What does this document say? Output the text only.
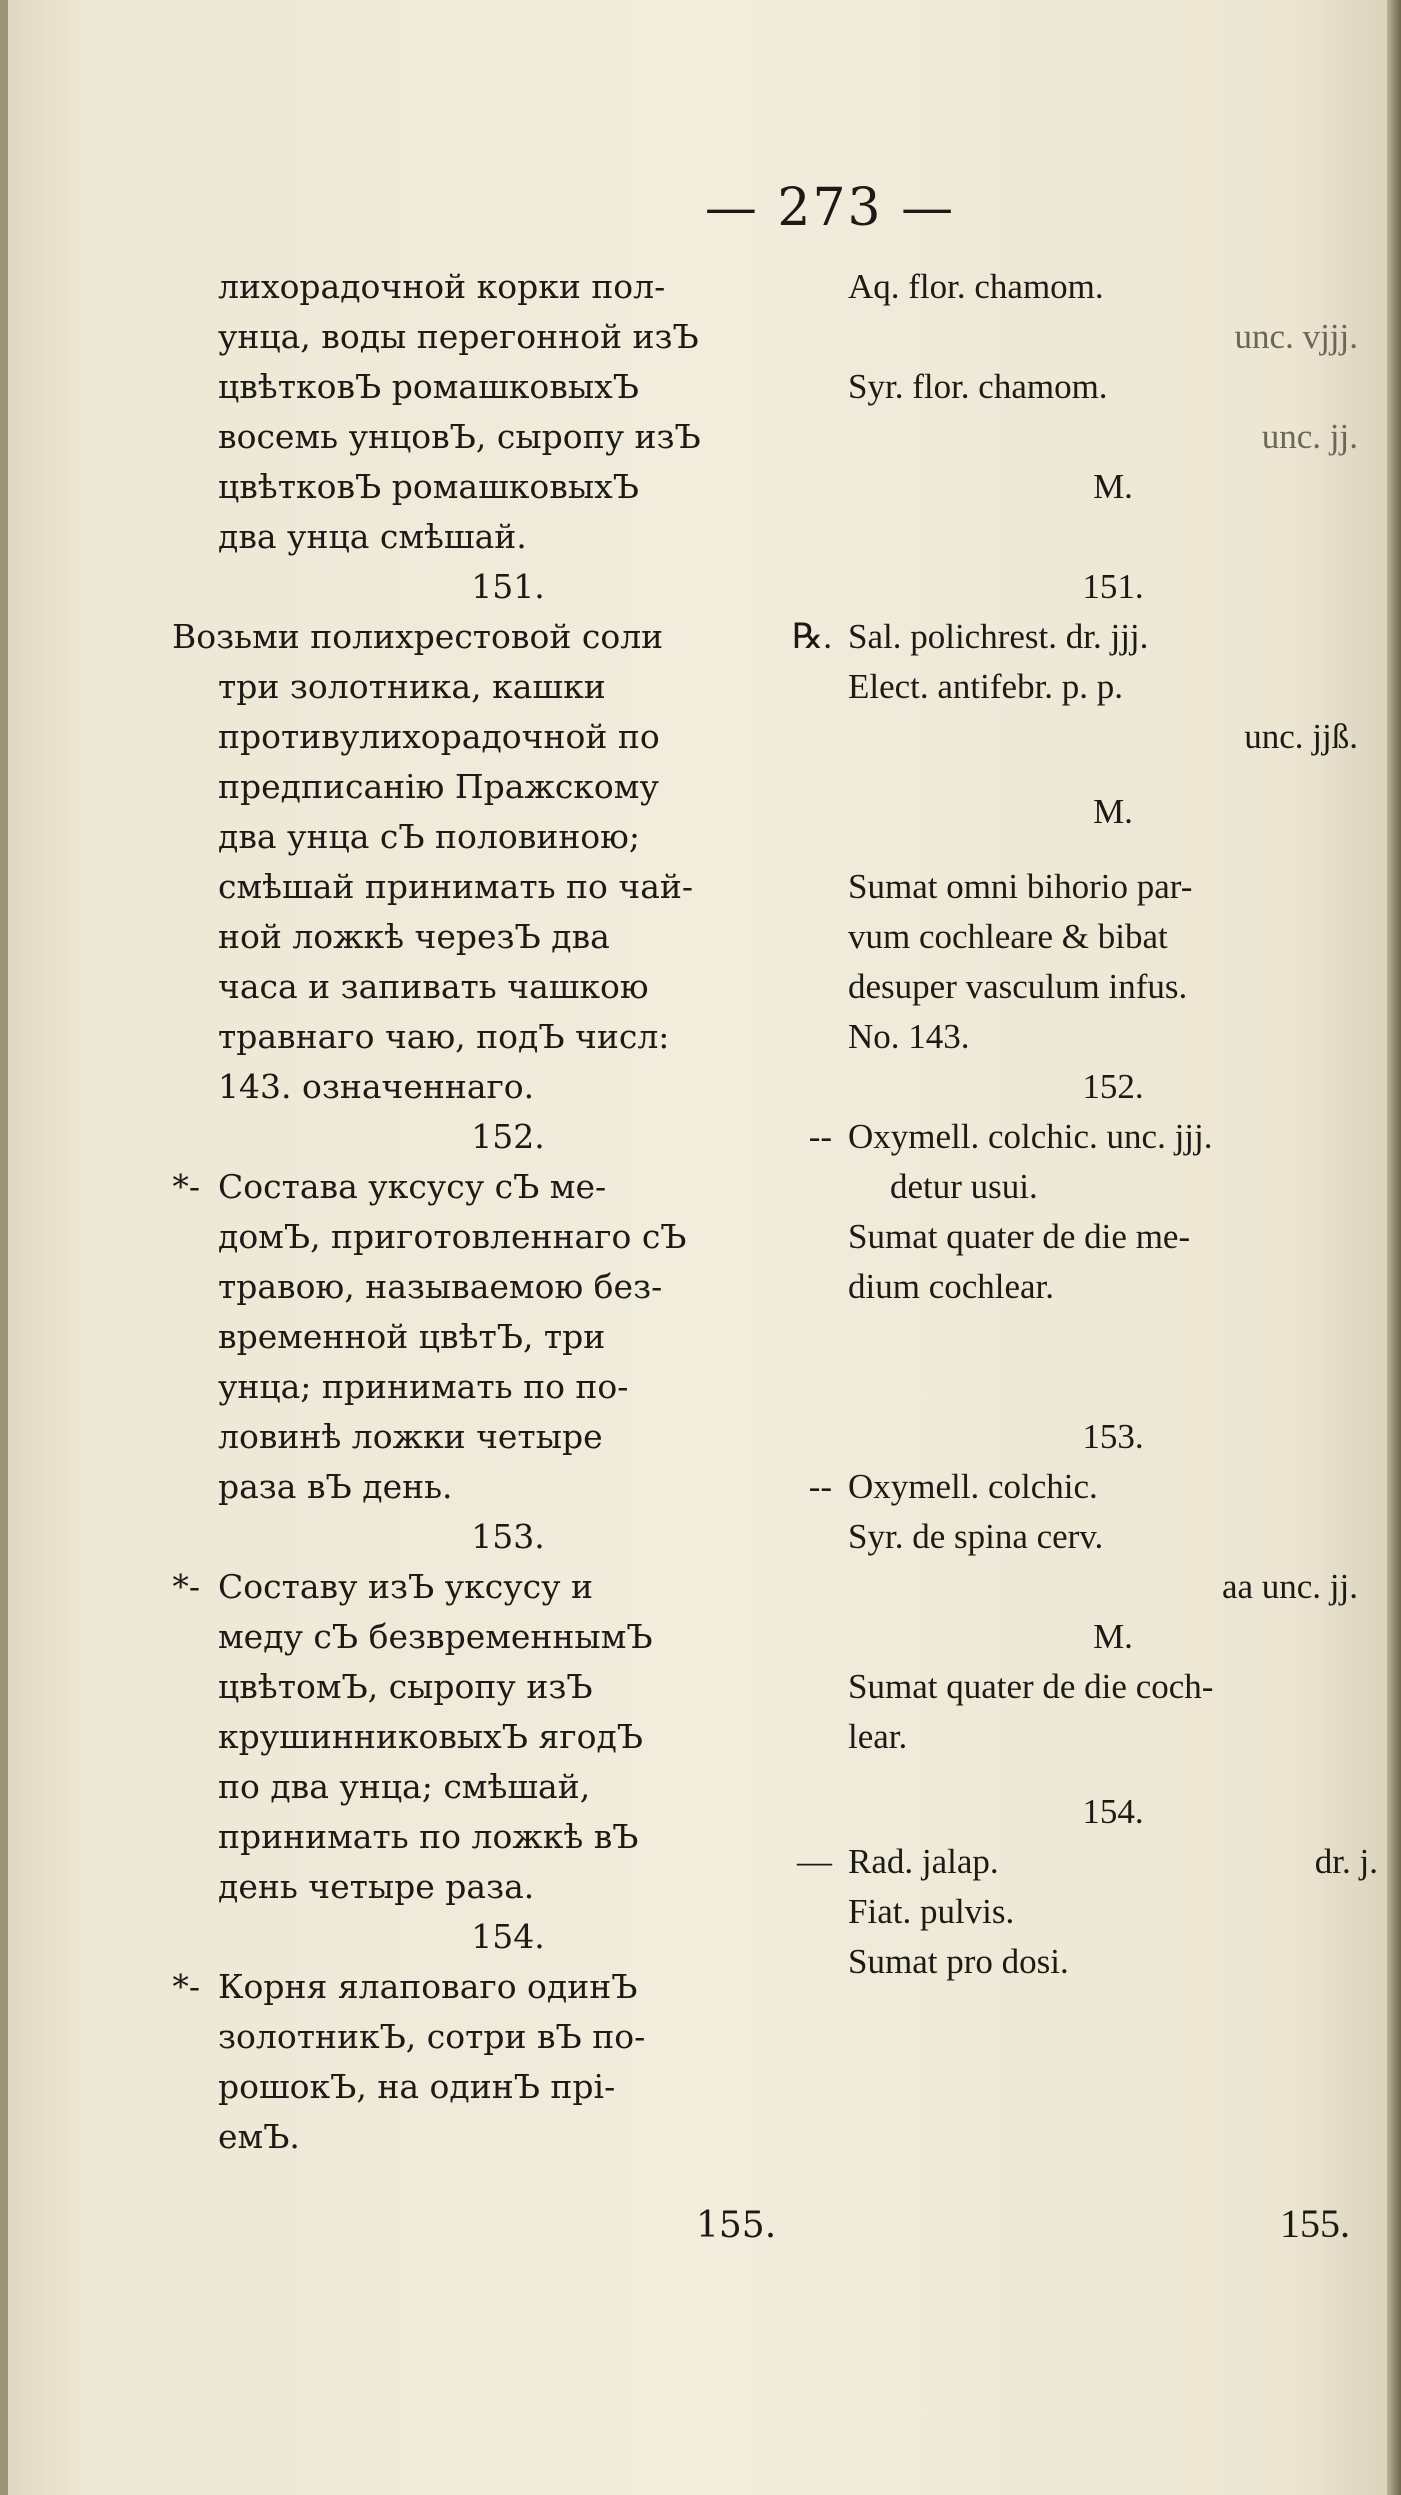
— 273 —
лихорадочной корки пол-
унца, воды перегонной изЪ
цвѣтковЪ ромашковыхЪ
восемь унцовЪ, сыропу изЪ
цвѣтковЪ ромашковыхЪ
два унца смѣшай.
151.
Возьми полихрестовой соли
три золотника, кашки
противулихорадочной по
предписанію Пражскому
два унца сЪ половиною;
смѣшай принимать по чай-
ной ложкѣ черезЪ два
часа и запивать чашкою
травнаго чаю, подЪ числ:
143. означеннаго.
152.
*- Состава уксусу сЪ ме-
домЪ, приготовленнаго сЪ
травою, называемою без-
временной цвѣтЪ, три
унца; принимать по по-
ловинѣ ложки четыре
раза вЪ день.
153.
*- Составу изЪ уксусу и
меду сЪ безвременнымЪ
цвѣтомЪ, сыропу изЪ
крушинниковыхЪ ягодЪ
по два унца; смѣшай,
принимать по ложкѣ вЪ
день четыре раза.
154.
*- Корня ялаповаго одинЪ
золотникЪ, сотри вЪ по-
рошокЪ, на одинЪ прі-
емЪ.
Aq. flor. chamom.
unc. vjjj.
Syr. flor. chamom.
unc. jj.
M.
151.
℞. Sal. polichrest. dr. jjj.
Elect. antifebr. p. p.
unc. jjß.
M.
Sumat omni bihorio par-
vum cochleare & bibat
desuper vasculum infus.
No. 143.
152.
-- Oxymell. colchic. unc. jjj.
detur usui.
Sumat quater de die me-
dium cochlear.
153.
-- Oxymell. colchic.
Syr. de spina cerv.
aa unc. jj.
M.
Sumat quater de die coch-
lear.
154.
— Rad. jalap.	dr. j.
Fiat. pulvis.
Sumat pro dosi.
155.	155.
